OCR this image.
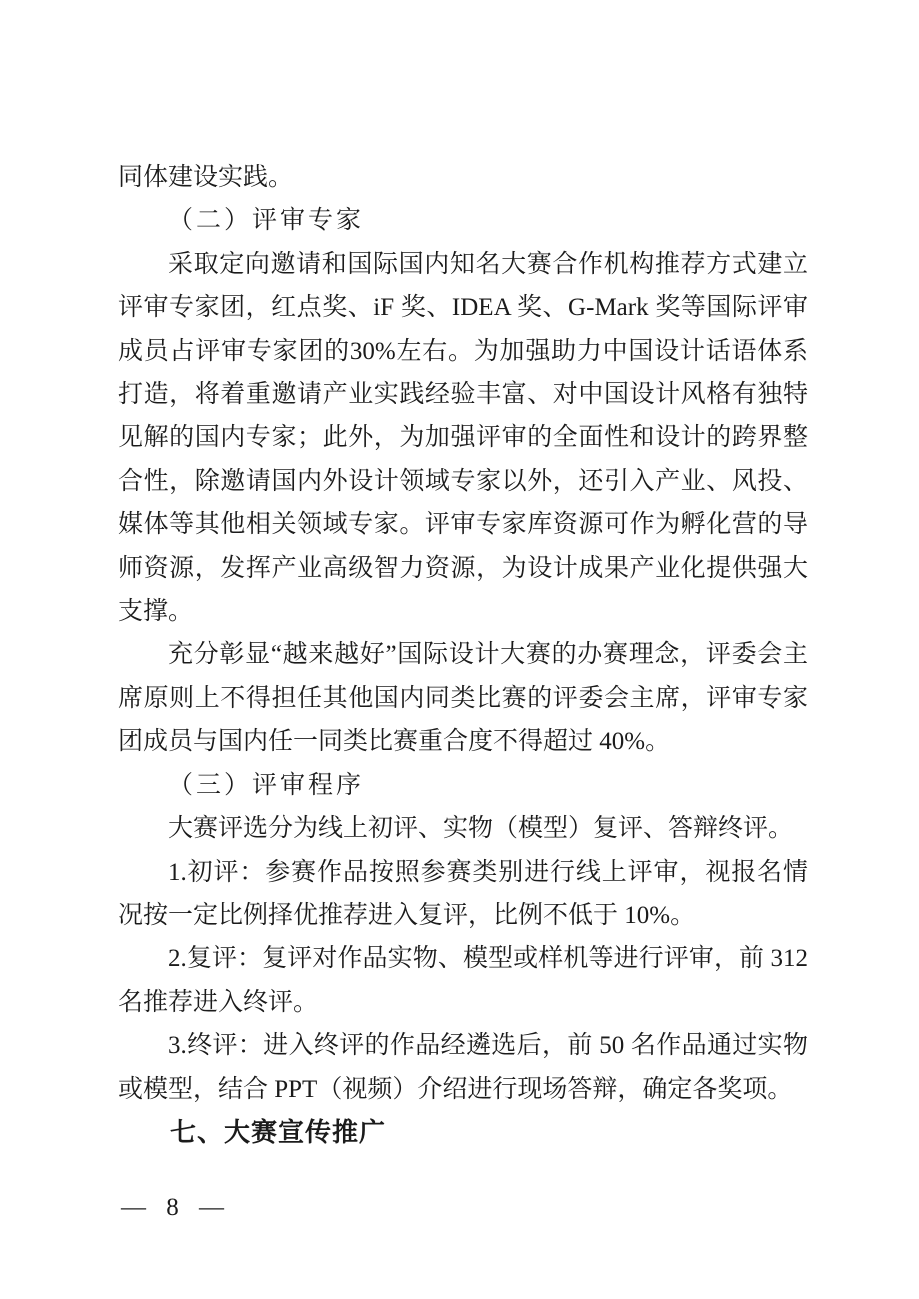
同体建设实践。

（二）评审专家

采取定向邀请和国际国内知名大赛合作机构推荐方式建立评审专家团，红点奖、iF 奖、IDEA 奖、G-Mark 奖等国际评审成员占评审专家团的30%左右。为加强助力中国设计话语体系打造，将着重邀请产业实践经验丰富、对中国设计风格有独特见解的国内专家；此外，为加强评审的全面性和设计的跨界整合性，除邀请国内外设计领域专家以外，还引入产业、风投、媒体等其他相关领域专家。评审专家库资源可作为孵化营的导师资源，发挥产业高级智力资源，为设计成果产业化提供强大支撑。

充分彰显“越来越好”国际设计大赛的办赛理念，评委会主席原则上不得担任其他国内同类比赛的评委会主席，评审专家团成员与国内任一同类比赛重合度不得超过 40%。

（三）评审程序

大赛评选分为线上初评、实物（模型）复评、答辩终评。

1.初评：参赛作品按照参赛类别进行线上评审，视报名情况按一定比例择优推荐进入复评，比例不低于 10%。

2.复评：复评对作品实物、模型或样机等进行评审，前 312 名推荐进入终评。

3.终评：进入终评的作品经遴选后，前 50 名作品通过实物或模型，结合 PPT（视频）介绍进行现场答辩，确定各奖项。

七、大赛宣传推广

— 8 —
